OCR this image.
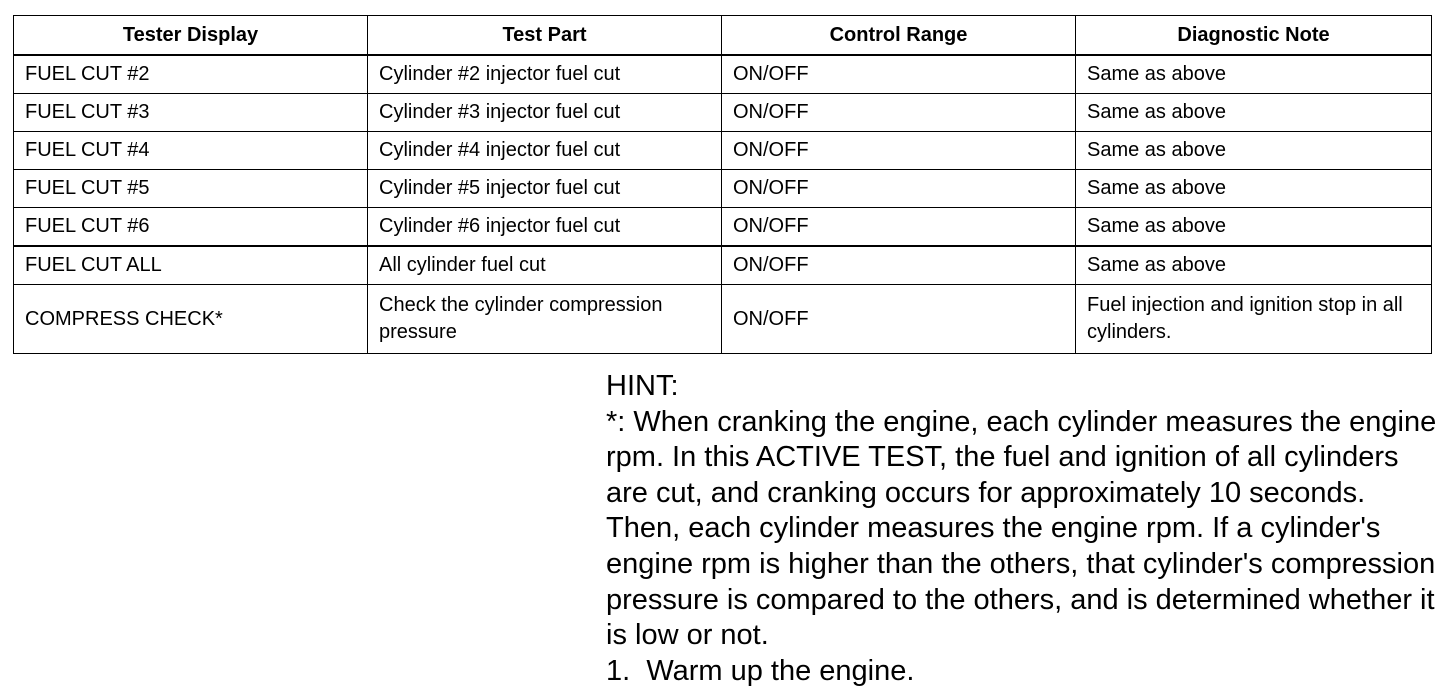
Tester Display	Test Part	Control Range	Diagnostic Note
FUEL CUT #2	Cylinder #2 injector fuel cut	ON/OFF	Same as above
FUEL CUT #3	Cylinder #3 injector fuel cut	ON/OFF	Same as above
FUEL CUT #4	Cylinder #4 injector fuel cut	ON/OFF	Same as above
FUEL CUT #5	Cylinder #5 injector fuel cut	ON/OFF	Same as above
FUEL CUT #6	Cylinder #6 injector fuel cut	ON/OFF	Same as above
FUEL CUT ALL	All cylinder fuel cut	ON/OFF	Same as above
COMPRESS CHECK*	Check the cylinder compression pressure	ON/OFF	Fuel injection and ignition stop in all cylinders.

HINT:

*: When cranking the engine, each cylinder measures the engine rpm. In this ACTIVE TEST, the fuel and ignition of all cylinders are cut, and cranking occurs for approximately 10 seconds. Then, each cylinder measures the engine rpm. If a cylinder's engine rpm is higher than the others, that cylinder's compression pressure is compared to the others, and is determined whether it is low or not.

1. Warm up the engine.
